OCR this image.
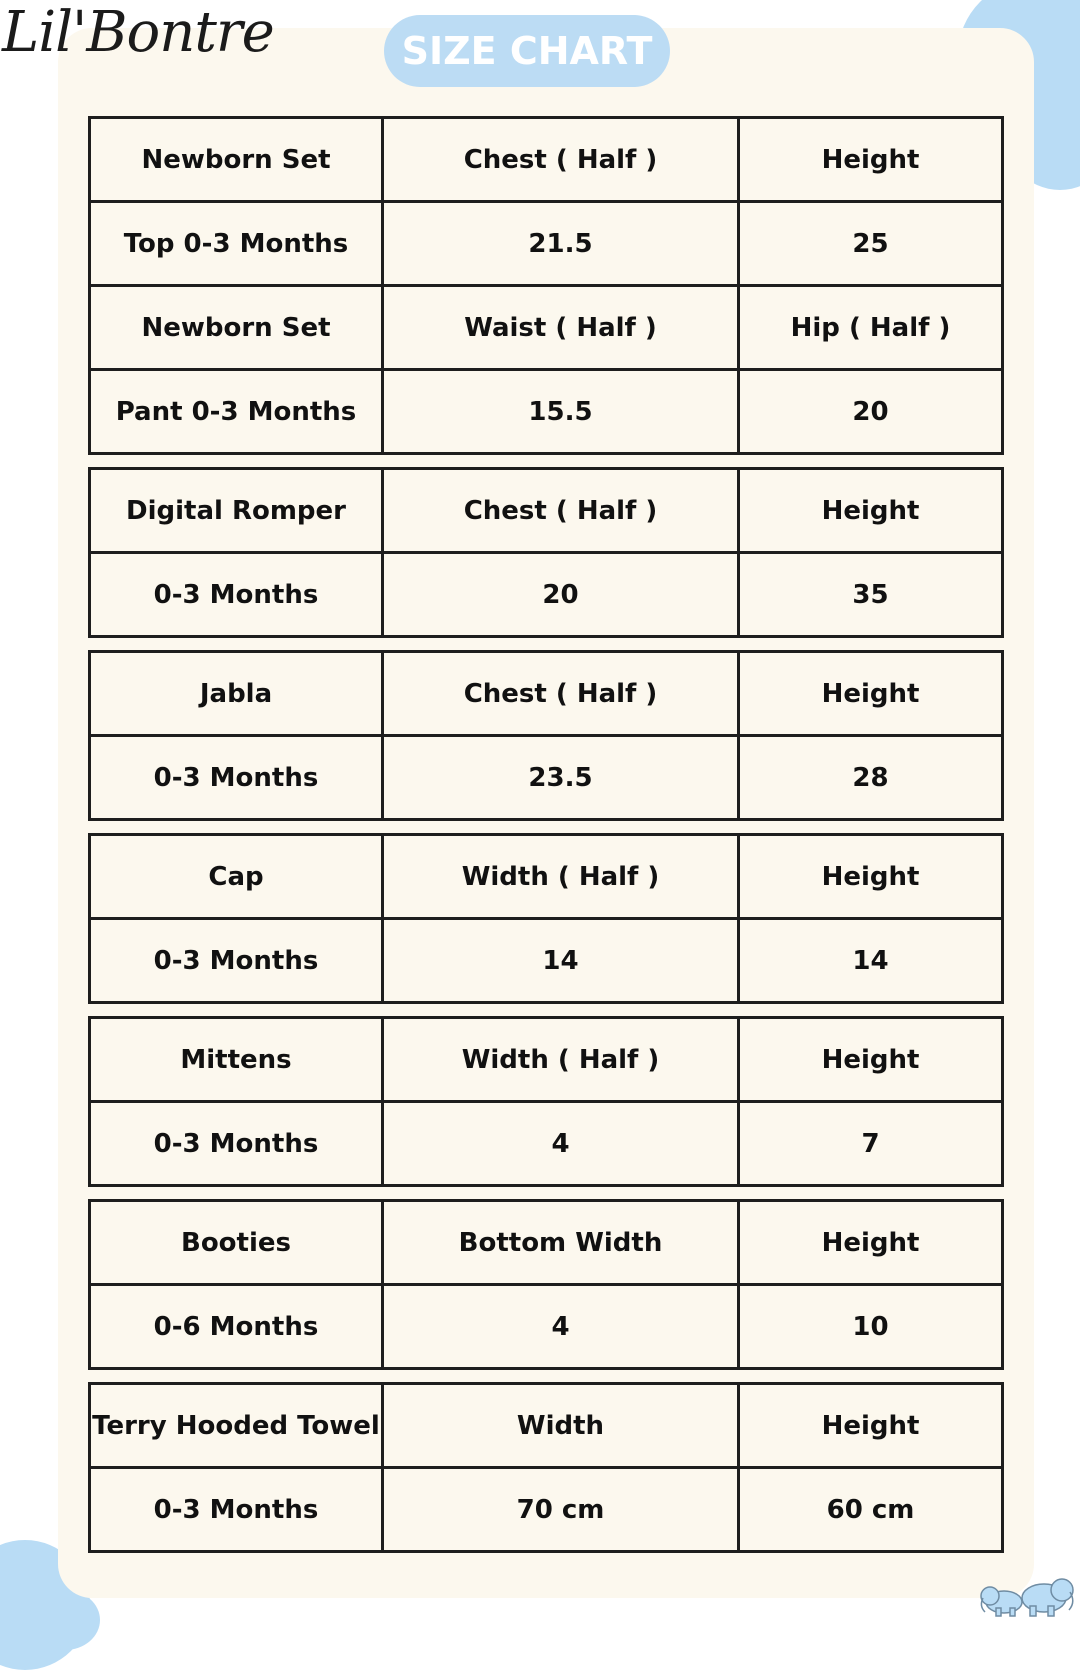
Lil'Bontre	SIZE CHART
Newborn Set	Chest ( Half )	Height
Top 0-3 Months	21.5	25
Newborn Set	Waist ( Half )	Hip ( Half )
Pant 0-3 Months	15.5	20
Digital Romper	Chest ( Half )	Height
0-3 Months	20	35
Jabla	Chest ( Half )	Height
0-3 Months	23.5	28
Cap	Width ( Half )	Height
0-3 Months	14	14
Mittens	Width ( Half )	Height
0-3 Months	4	7
Booties	Bottom Width	Height
0-6 Months	4	10
Terry Hooded Towel	Width	Height
0-3 Months	70 cm	60 cm
